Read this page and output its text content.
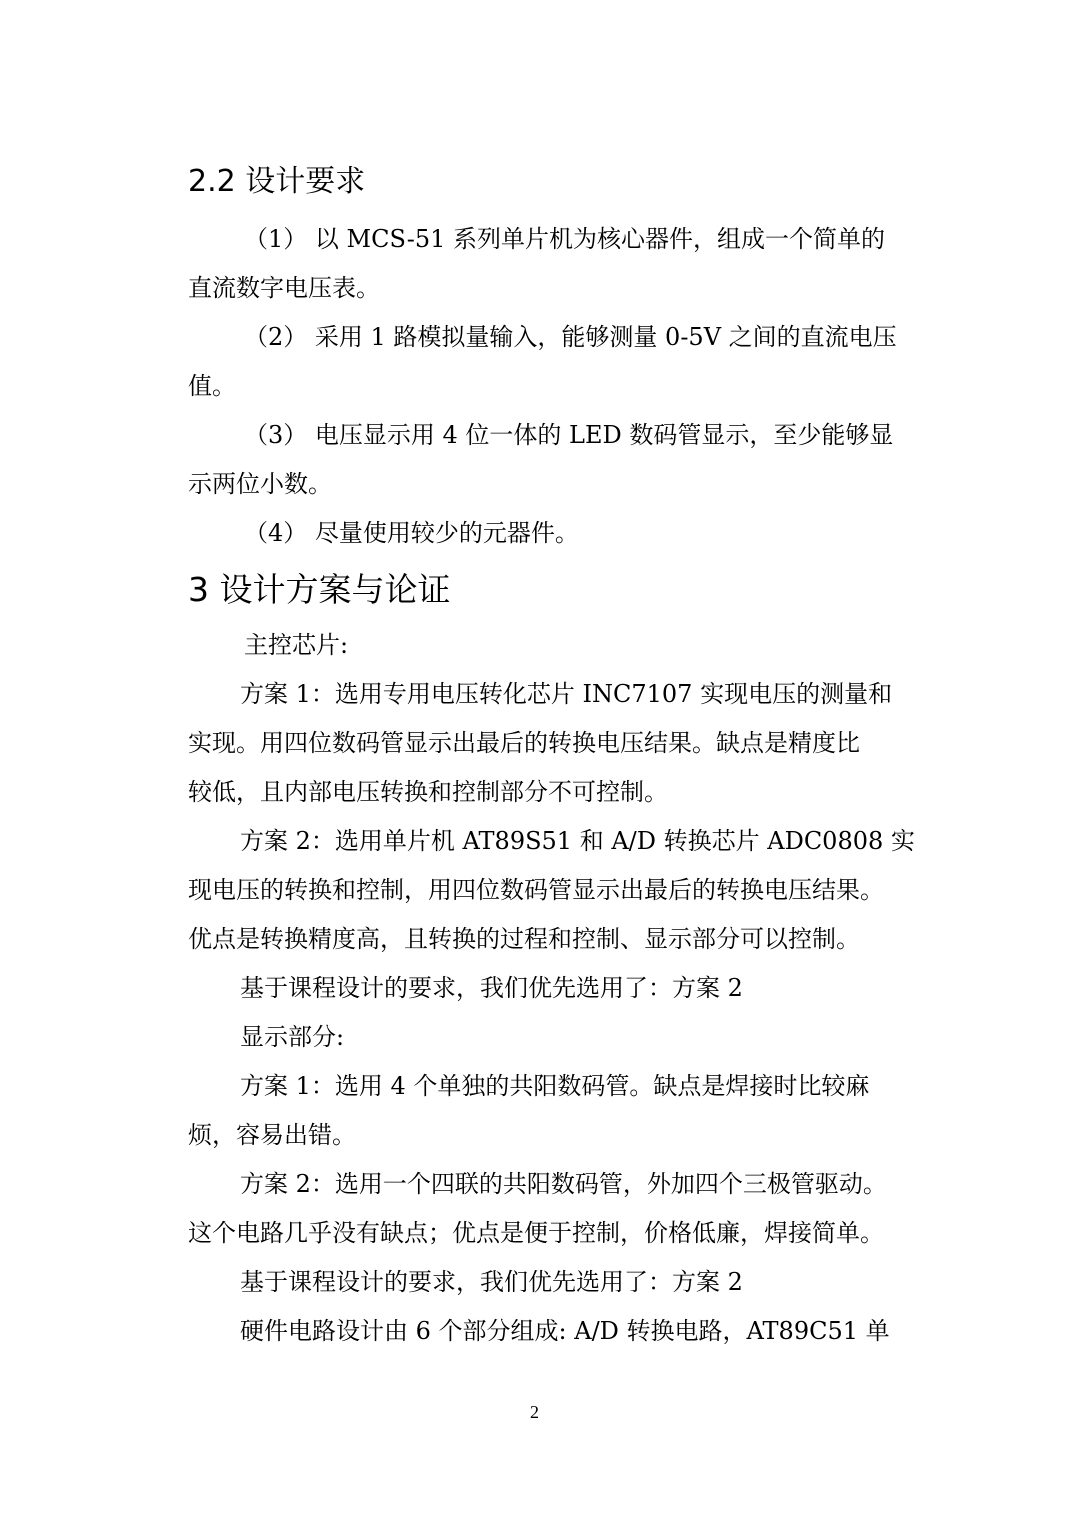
2.2 设计要求
（1） 以 MCS-51 系列单片机为核心器件，组成一个简单的
直流数字电压表。
（2） 采用 1 路模拟量输入，能够测量 0-5V 之间的直流电压
值。
（3） 电压显示用 4 位一体的 LED 数码管显示，至少能够显
示两位小数。
（4） 尽量使用较少的元器件。
3 设计方案与论证
主控芯片:
方案 1：选用专用电压转化芯片 INC7107 实现电压的测量和
实现。用四位数码管显示出最后的转换电压结果。缺点是精度比
较低，且内部电压转换和控制部分不可控制。
方案 2：选用单片机 AT89S51 和 A/D 转换芯片 ADC0808 实
现电压的转换和控制，用四位数码管显示出最后的转换电压结果。
优点是转换精度高，且转换的过程和控制、显示部分可以控制。
基于课程设计的要求，我们优先选用了：方案 2
显示部分:
方案 1：选用 4 个单独的共阳数码管。缺点是焊接时比较麻
烦，容易出错。
方案 2：选用一个四联的共阳数码管，外加四个三极管驱动。
这个电路几乎没有缺点；优点是便于控制，价格低廉，焊接简单。
基于课程设计的要求，我们优先选用了：方案 2
硬件电路设计由 6 个部分组成: A/D 转换电路，AT89C51 单
2
